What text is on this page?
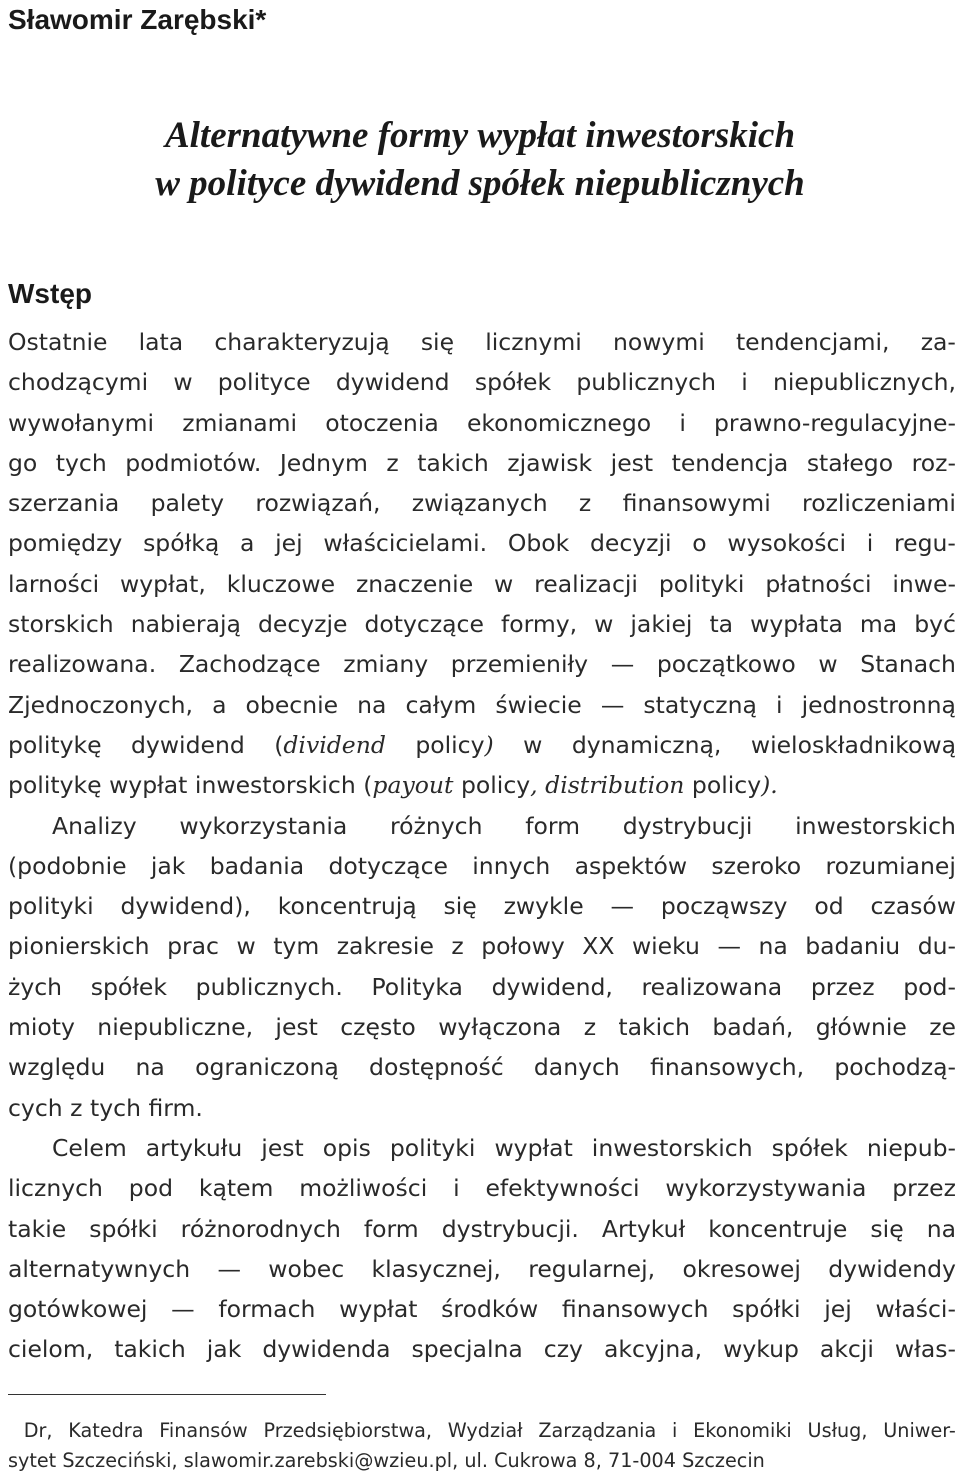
Sławomir Zarębski*
Alternatywne formy wypłat inwestorskich
w polityce dywidend spółek niepublicznych
Wstęp
Ostatnie lata charakteryzują się licznymi nowymi tendencjami, za-
chodzącymi w polityce dywidend spółek publicznych i niepublicznych,
wywołanymi zmianami otoczenia ekonomicznego i prawno-regulacyjne-
go tych podmiotów. Jednym z takich zjawisk jest tendencja stałego roz-
szerzania palety rozwiązań, związanych z finansowymi rozliczeniami
pomiędzy spółką a jej właścicielami. Obok decyzji o wysokości i regu-
larności wypłat, kluczowe znaczenie w realizacji polityki płatności inwe-
storskich nabierają decyzje dotyczące formy, w jakiej ta wypłata ma być
realizowana. Zachodzące zmiany przemieniły — początkowo w Stanach
Zjednoczonych, a obecnie na całym świecie — statyczną i jednostronną
politykę dywidend (dividend policy) w dynamiczną, wieloskładnikową
politykę wypłat inwestorskich (payout policy, distribution policy).
Analizy wykorzystania różnych form dystrybucji inwestorskich
(podobnie jak badania dotyczące innych aspektów szeroko rozumianej
polityki dywidend), koncentrują się zwykle — począwszy od czasów
pionierskich prac w tym zakresie z połowy XX wieku — na badaniu du-
żych spółek publicznych. Polityka dywidend, realizowana przez pod-
mioty niepubliczne, jest często wyłączona z takich badań, głównie ze
względu na ograniczoną dostępność danych finansowych, pochodzą-
cych z tych firm.
Celem artykułu jest opis polityki wypłat inwestorskich spółek niepub-
licznych pod kątem możliwości i efektywności wykorzystywania przez
takie spółki różnorodnych form dystrybucji. Artykuł koncentruje się na
alternatywnych — wobec klasycznej, regularnej, okresowej dywidendy
gotówkowej — formach wypłat środków finansowych spółki jej właści-
cielom, takich jak dywidenda specjalna czy akcyjna, wykup akcji włas-
Dr, Katedra Finansów Przedsiębiorstwa, Wydział Zarządzania i Ekonomiki Usług, Uniwer-
sytet Szczeciński, slawomir.zarebski@wzieu.pl, ul. Cukrowa 8, 71-004 Szczecin
